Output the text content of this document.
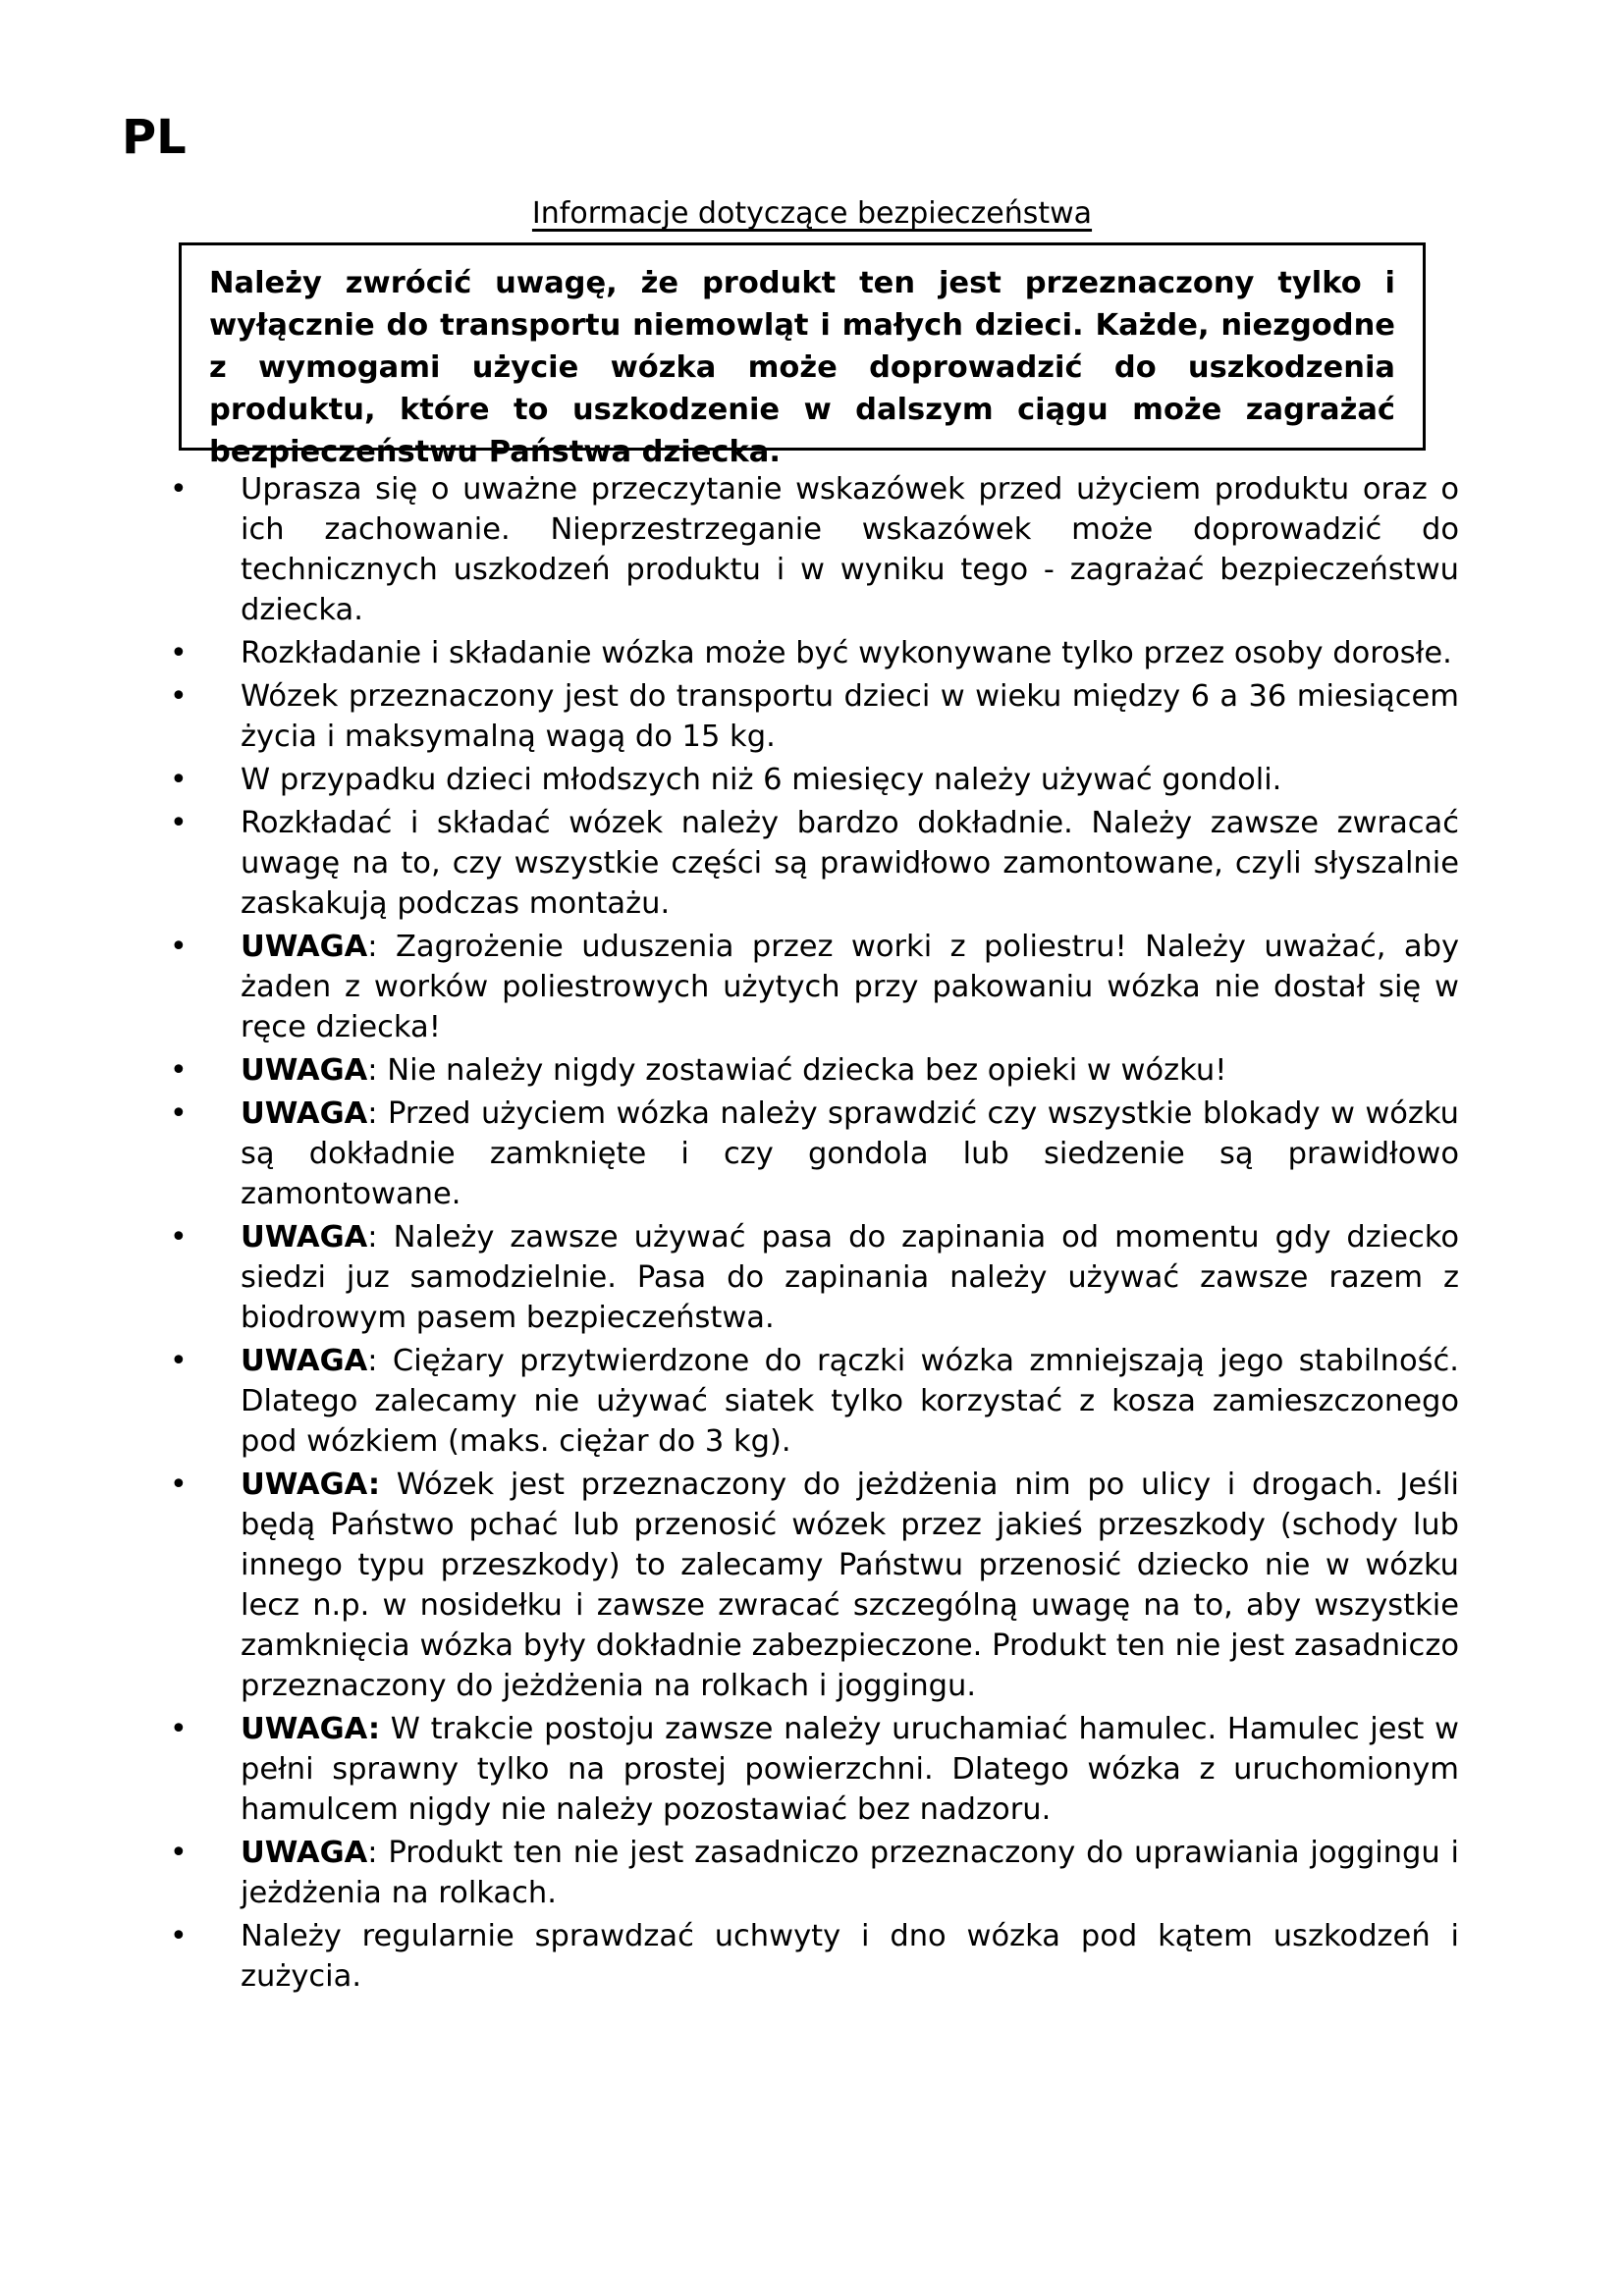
PL
Informacje dotyczące bezpieczeństwa
Należy zwrócić uwagę, że produkt ten jest przeznaczony tylko i wyłącznie do transportu niemowląt i małych dzieci. Każde, niezgodne z wymogami użycie wózka może doprowadzić do uszkodzenia produktu, które to uszkodzenie w dalszym ciągu może zagrażać bezpieczeństwu Państwa dziecka.
• Uprasza się o uważne przeczytanie wskazówek przed użyciem produktu oraz o ich zachowanie. Nieprzestrzeganie wskazówek może doprowadzić do technicznych uszkodzeń produktu i w wyniku tego - zagrażać bezpieczeństwu dziecka.
• Rozkładanie i składanie wózka może być wykonywane tylko przez osoby dorosłe.
• Wózek przeznaczony jest do transportu dzieci w wieku między 6 a 36 miesiącem życia i maksymalną wagą do 15 kg.
• W przypadku dzieci młodszych niż 6 miesięcy należy używać gondoli.
• Rozkładać i składać wózek należy bardzo dokładnie. Należy zawsze zwracać uwagę na to, czy wszystkie części są prawidłowo zamontowane, czyli słyszalnie zaskakują podczas montażu.
• UWAGA: Zagrożenie uduszenia przez worki z poliestru! Należy uważać, aby żaden z worków poliestrowych użytych przy pakowaniu wózka nie dostał się w ręce dziecka!
• UWAGA: Nie należy nigdy zostawiać dziecka bez opieki w wózku!
• UWAGA: Przed użyciem wózka należy sprawdzić czy wszystkie blokady w wózku są dokładnie zamknięte i czy gondola lub siedzenie są prawidłowo zamontowane.
• UWAGA: Należy zawsze używać pasa do zapinania od momentu gdy dziecko siedzi juz samodzielnie. Pasa do zapinania należy używać zawsze razem z biodrowym pasem bezpieczeństwa.
• UWAGA: Ciężary przytwierdzone do rączki wózka zmniejszają jego stabilność. Dlatego zalecamy nie używać siatek tylko korzystać z kosza zamieszczonego pod wózkiem (maks. ciężar do 3 kg).
• UWAGA: Wózek jest przeznaczony do jeżdżenia nim po ulicy i drogach. Jeśli będą Państwo pchać lub przenosić wózek przez jakieś przeszkody (schody lub innego typu przeszkody) to zalecamy Państwu przenosić dziecko nie w wózku lecz n.p. w nosidełku i zawsze zwracać szczególną uwagę na to, aby wszystkie zamknięcia wózka były dokładnie zabezpieczone. Produkt ten nie jest zasadniczo przeznaczony do jeżdżenia na rolkach i joggingu.
• UWAGA: W trakcie postoju zawsze należy uruchamiać hamulec. Hamulec jest w pełni sprawny tylko na prostej powierzchni. Dlatego wózka z uruchomionym hamulcem nigdy nie należy pozostawiać bez nadzoru.
• UWAGA: Produkt ten nie jest zasadniczo przeznaczony do uprawiania joggingu i jeżdżenia na rolkach.
• Należy regularnie sprawdzać uchwyty i dno wózka pod kątem uszkodzeń i zużycia.
